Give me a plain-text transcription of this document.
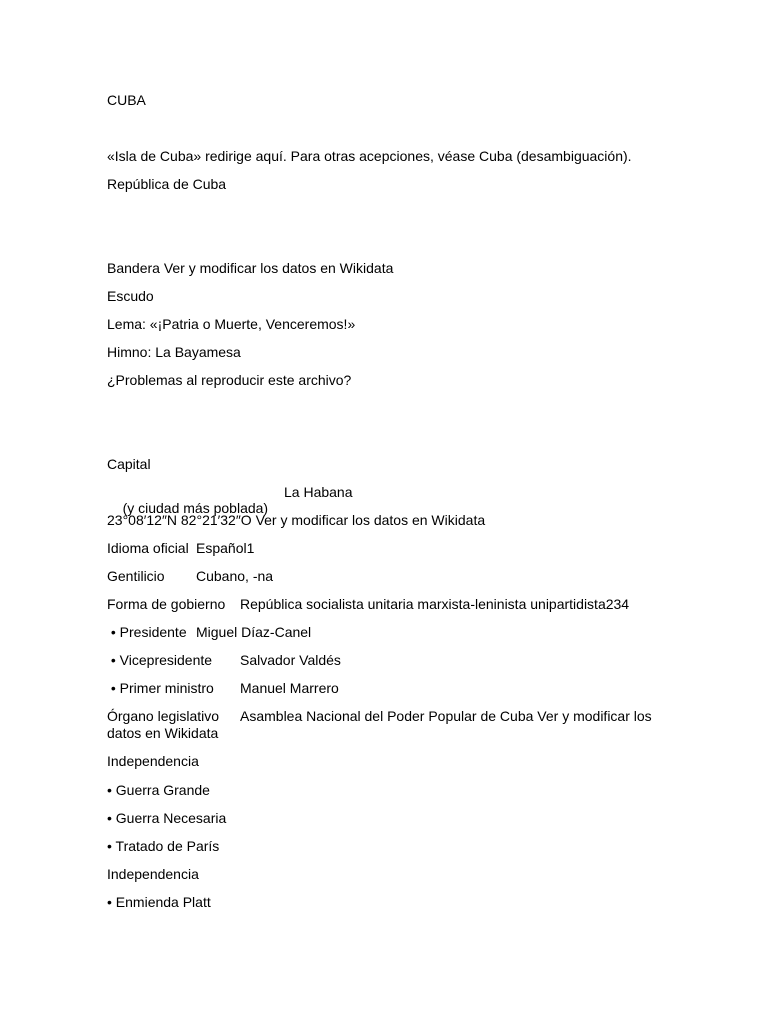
CUBA
«Isla de Cuba» redirige aquí. Para otras acepciones, véase Cuba (desambiguación).
República de Cuba
Bandera Ver y modificar los datos en Wikidata
Escudo
Lema: «¡Patria o Muerte, Venceremos!»
Himno: La Bayamesa
¿Problemas al reproducir este archivo?
Capital

(y ciudad más poblada)

La Habana
23°08′12″N 82°21′32″O Ver y modificar los datos en Wikidata
Idioma oficial Español1
Gentilicio Cubano, -na
Forma de gobierno República socialista unitaria marxista-leninista unipartidista234
• Presidente Miguel Díaz-Canel
• Vicepresidente Salvador Valdés
• Primer ministro Manuel Marrero
Órgano legislativo Asamblea Nacional del Poder Popular de Cuba Ver y modificar los
datos en Wikidata
Independencia
• Guerra Grande
• Guerra Necesaria
• Tratado de París
Independencia
• Enmienda Platt
